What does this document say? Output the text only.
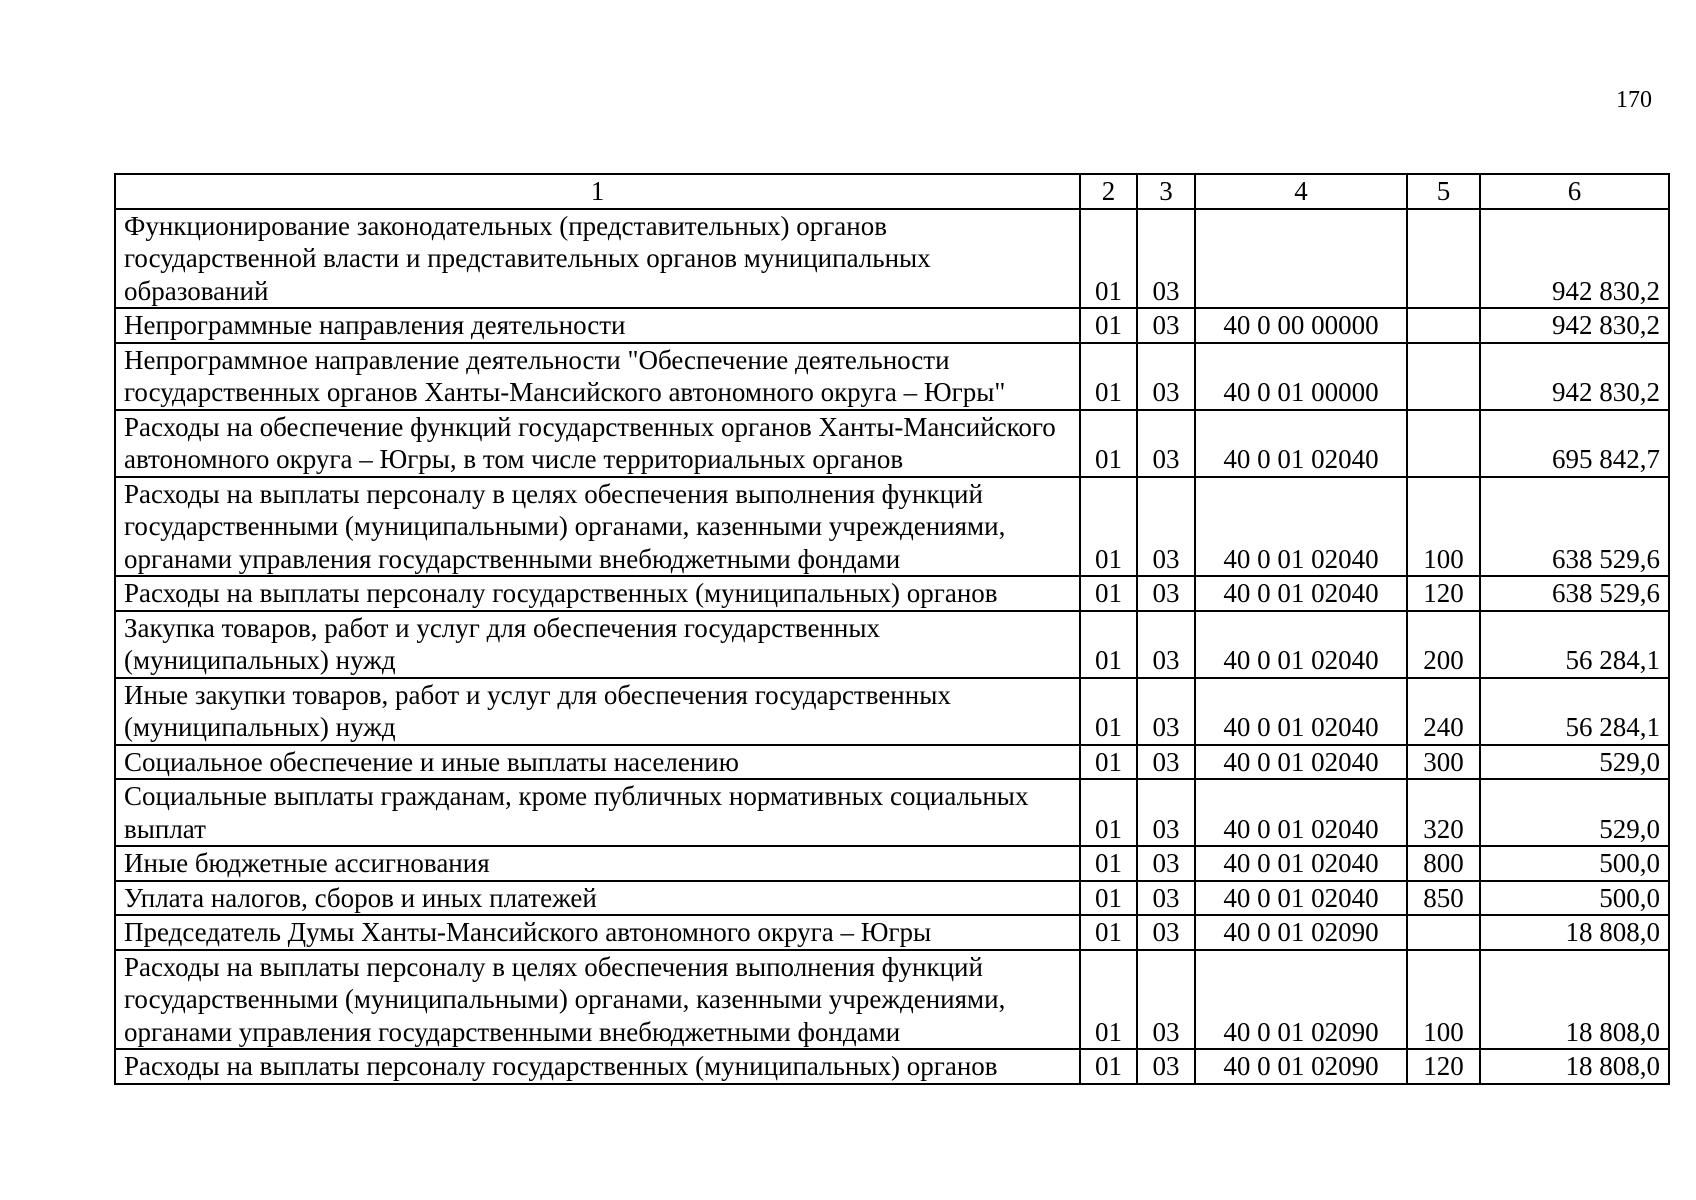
170
1	2	3	4	5	6
Функционирование законодательных (представительных) органов государственной власти и представительных органов муниципальных образований	01	03			942 830,2
Непрограммные направления деятельности	01	03	40 0 00 00000		942 830,2
Непрограммное направление деятельности "Обеспечение деятельности государственных органов Ханты-Мансийского автономного округа – Югры"	01	03	40 0 01 00000		942 830,2
Расходы на обеспечение функций государственных органов Ханты-Мансийского автономного округа – Югры, в том числе территориальных органов	01	03	40 0 01 02040		695 842,7
Расходы на выплаты персоналу в целях обеспечения выполнения функций государственными (муниципальными) органами, казенными учреждениями, органами управления государственными внебюджетными фондами	01	03	40 0 01 02040	100	638 529,6
Расходы на выплаты персоналу государственных (муниципальных) органов	01	03	40 0 01 02040	120	638 529,6
Закупка товаров, работ и услуг для обеспечения государственных (муниципальных) нужд	01	03	40 0 01 02040	200	56 284,1
Иные закупки товаров, работ и услуг для обеспечения государственных (муниципальных) нужд	01	03	40 0 01 02040	240	56 284,1
Социальное обеспечение и иные выплаты населению	01	03	40 0 01 02040	300	529,0
Социальные выплаты гражданам, кроме публичных нормативных социальных выплат	01	03	40 0 01 02040	320	529,0
Иные бюджетные ассигнования	01	03	40 0 01 02040	800	500,0
Уплата налогов, сборов и иных платежей	01	03	40 0 01 02040	850	500,0
Председатель Думы Ханты-Мансийского автономного округа – Югры	01	03	40 0 01 02090		18 808,0
Расходы на выплаты персоналу в целях обеспечения выполнения функций государственными (муниципальными) органами, казенными учреждениями, органами управления государственными внебюджетными фондами	01	03	40 0 01 02090	100	18 808,0
Расходы на выплаты персоналу государственных (муниципальных) органов	01	03	40 0 01 02090	120	18 808,0
